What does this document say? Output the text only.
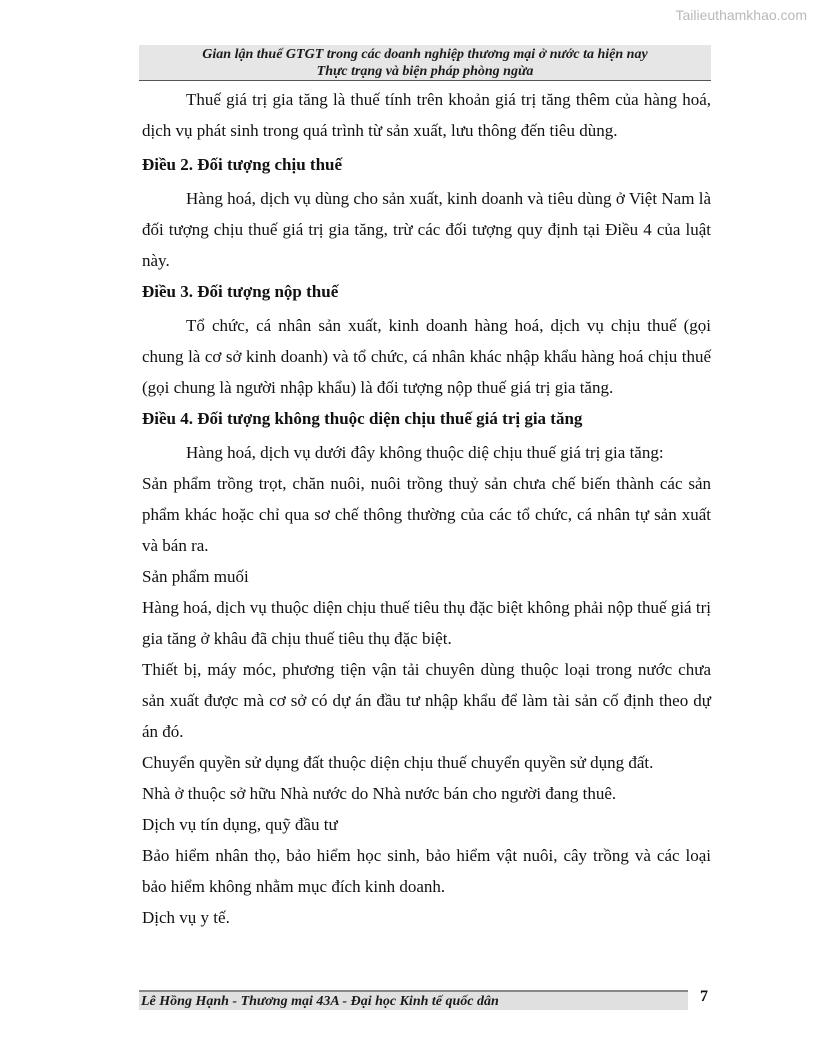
Tailieuthamkhao.com
Gian lận thuế GTGT trong các doanh nghiệp thương mại ở nước ta hiện nay
Thực trạng và biện pháp phòng ngừa

Thuế giá trị gia tăng là thuế tính trên khoản giá trị tăng thêm của hàng hoá, dịch vụ phát sinh trong quá trình từ sản xuất, lưu thông đến tiêu dùng.

Điều 2. Đối tượng chịu thuế

Hàng hoá, dịch vụ dùng cho sản xuất, kinh doanh và tiêu dùng ở Việt Nam là đối tượng chịu thuế giá trị gia tăng, trừ các đối tượng quy định tại Điều 4 của luật này.

Điều 3. Đối tượng nộp thuế

Tổ chức, cá nhân sản xuất, kinh doanh hàng hoá, dịch vụ chịu thuế (gọi chung là cơ sở kinh doanh) và tổ chức, cá nhân khác nhập khẩu hàng hoá chịu thuế (gọi chung là người nhập khẩu) là đối tượng nộp thuế giá trị gia tăng.

Điều 4. Đối tượng không thuộc diện chịu thuế giá trị gia tăng

Hàng hoá, dịch vụ dưới đây không thuộc diệ chịu thuế giá trị gia tăng:

Sản phẩm trồng trọt, chăn nuôi, nuôi trồng thuỷ sản chưa chế biến thành các sản phẩm khác hoặc chỉ qua sơ chế thông thường của các tổ chức, cá nhân tự sản xuất và bán ra.

Sản phẩm muối

Hàng hoá, dịch vụ thuộc diện chịu thuế tiêu thụ đặc biệt không phải nộp thuế giá trị gia tăng ở khâu đã chịu thuế tiêu thụ đặc biệt.

Thiết bị, máy móc, phương tiện vận tải chuyên dùng thuộc loại trong nước chưa sản xuất được mà cơ sở có dự án đầu tư nhập khẩu để làm tài sản cố định theo dự án đó.

Chuyển quyền sử dụng đất thuộc diện chịu thuế chuyển quyền sử dụng đất.

Nhà ở thuộc sở hữu Nhà nước do Nhà nước bán cho người đang thuê.

Dịch vụ tín dụng, quỹ đầu tư

Bảo hiểm nhân thọ, bảo hiểm học sinh, bảo hiểm vật nuôi, cây trồng và các loại bảo hiểm không nhằm mục đích kinh doanh.

Dịch vụ y tế.

Lê Hồng Hạnh - Thương mại 43A - Đại học Kinh tế quốc dân	7
